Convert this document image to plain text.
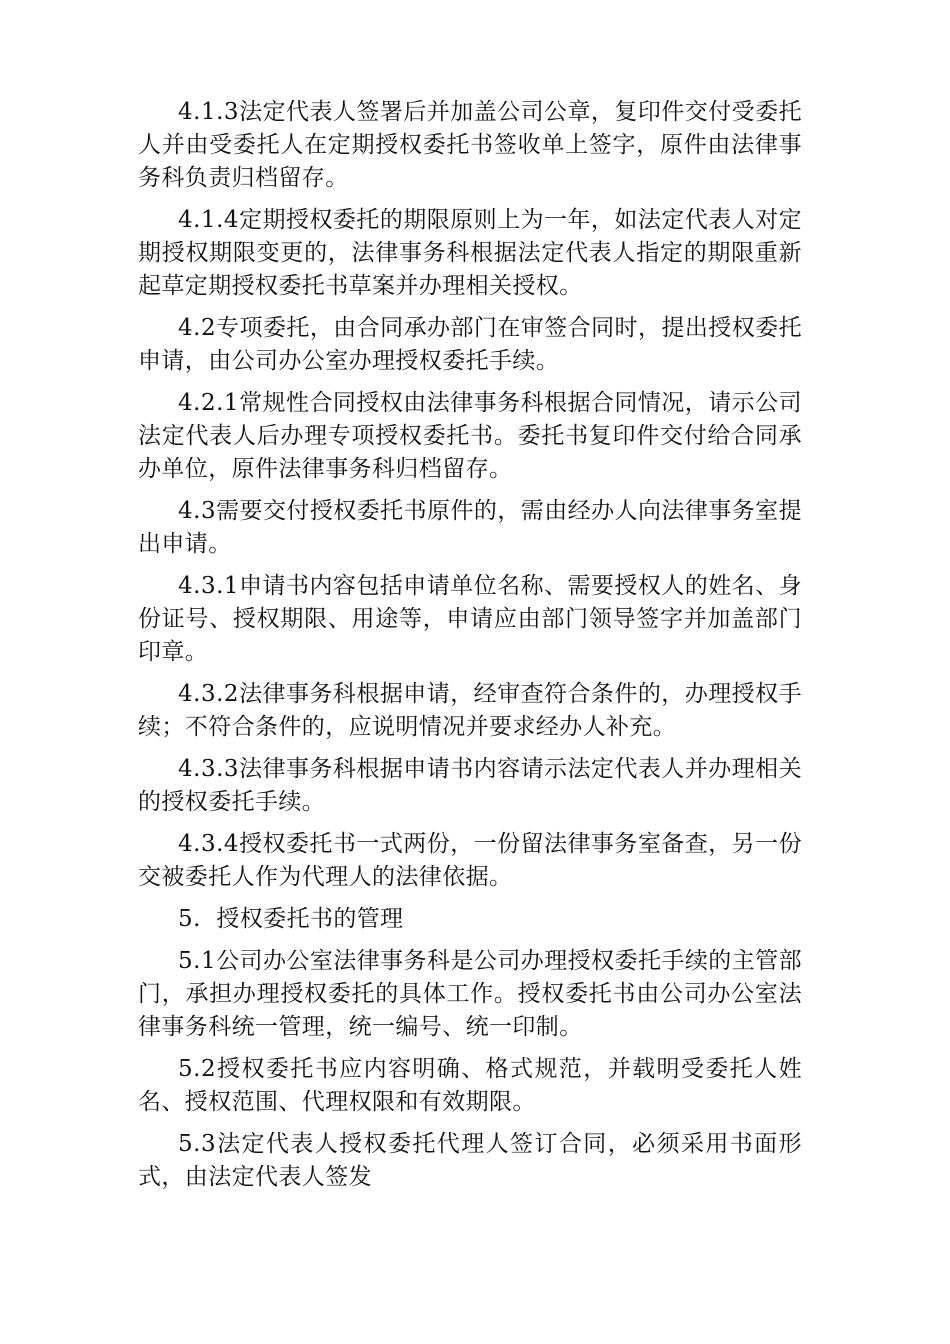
4.1.3法定代表人签署后并加盖公司公章，复印件交付受委托人并由受委托人在定期授权委托书签收单上签字，原件由法律事务科负责归档留存。

4.1.4定期授权委托的期限原则上为一年，如法定代表人对定期授权期限变更的，法律事务科根据法定代表人指定的期限重新起草定期授权委托书草案并办理相关授权。

4.2专项委托，由合同承办部门在审签合同时，提出授权委托申请，由公司办公室办理授权委托手续。

4.2.1常规性合同授权由法律事务科根据合同情况，请示公司法定代表人后办理专项授权委托书。委托书复印件交付给合同承办单位，原件法律事务科归档留存。

4.3需要交付授权委托书原件的，需由经办人向法律事务室提出申请。

4.3.1申请书内容包括申请单位名称、需要授权人的姓名、身份证号、授权期限、用途等，申请应由部门领导签字并加盖部门印章。

4.3.2法律事务科根据申请，经审查符合条件的，办理授权手续；不符合条件的，应说明情况并要求经办人补充。

4.3.3法律事务科根据申请书内容请示法定代表人并办理相关的授权委托手续。

4.3.4授权委托书一式两份，一份留法律事务室备查，另一份交被委托人作为代理人的法律依据。

5.  授权委托书的管理

5.1公司办公室法律事务科是公司办理授权委托手续的主管部门，承担办理授权委托的具体工作。授权委托书由公司办公室法律事务科统一管理，统一编号、统一印制。

5.2授权委托书应内容明确、格式规范，并载明受委托人姓名、授权范围、代理权限和有效期限。

5.3法定代表人授权委托代理人签订合同，必须采用书面形式，由法定代表人签发
